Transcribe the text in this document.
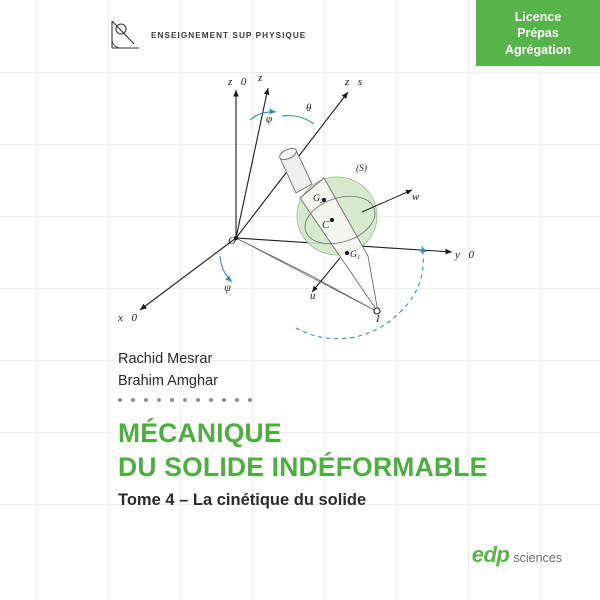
ENSEIGNEMENT SUP PHYSIQUE
Licence
Prépas
Agrégation
z⃗0 z	z⃗s
θ
φ
(S)
G₂	w⃗
C
O
G₁	y⃗0
ψ
u⃗
x⃗0	I
Rachid Mesrar
Brahim Amghar
MÉCANIQUE
DU SOLIDE INDÉFORMABLE
Tome 4 – La cinétique du solide
edp sciences
